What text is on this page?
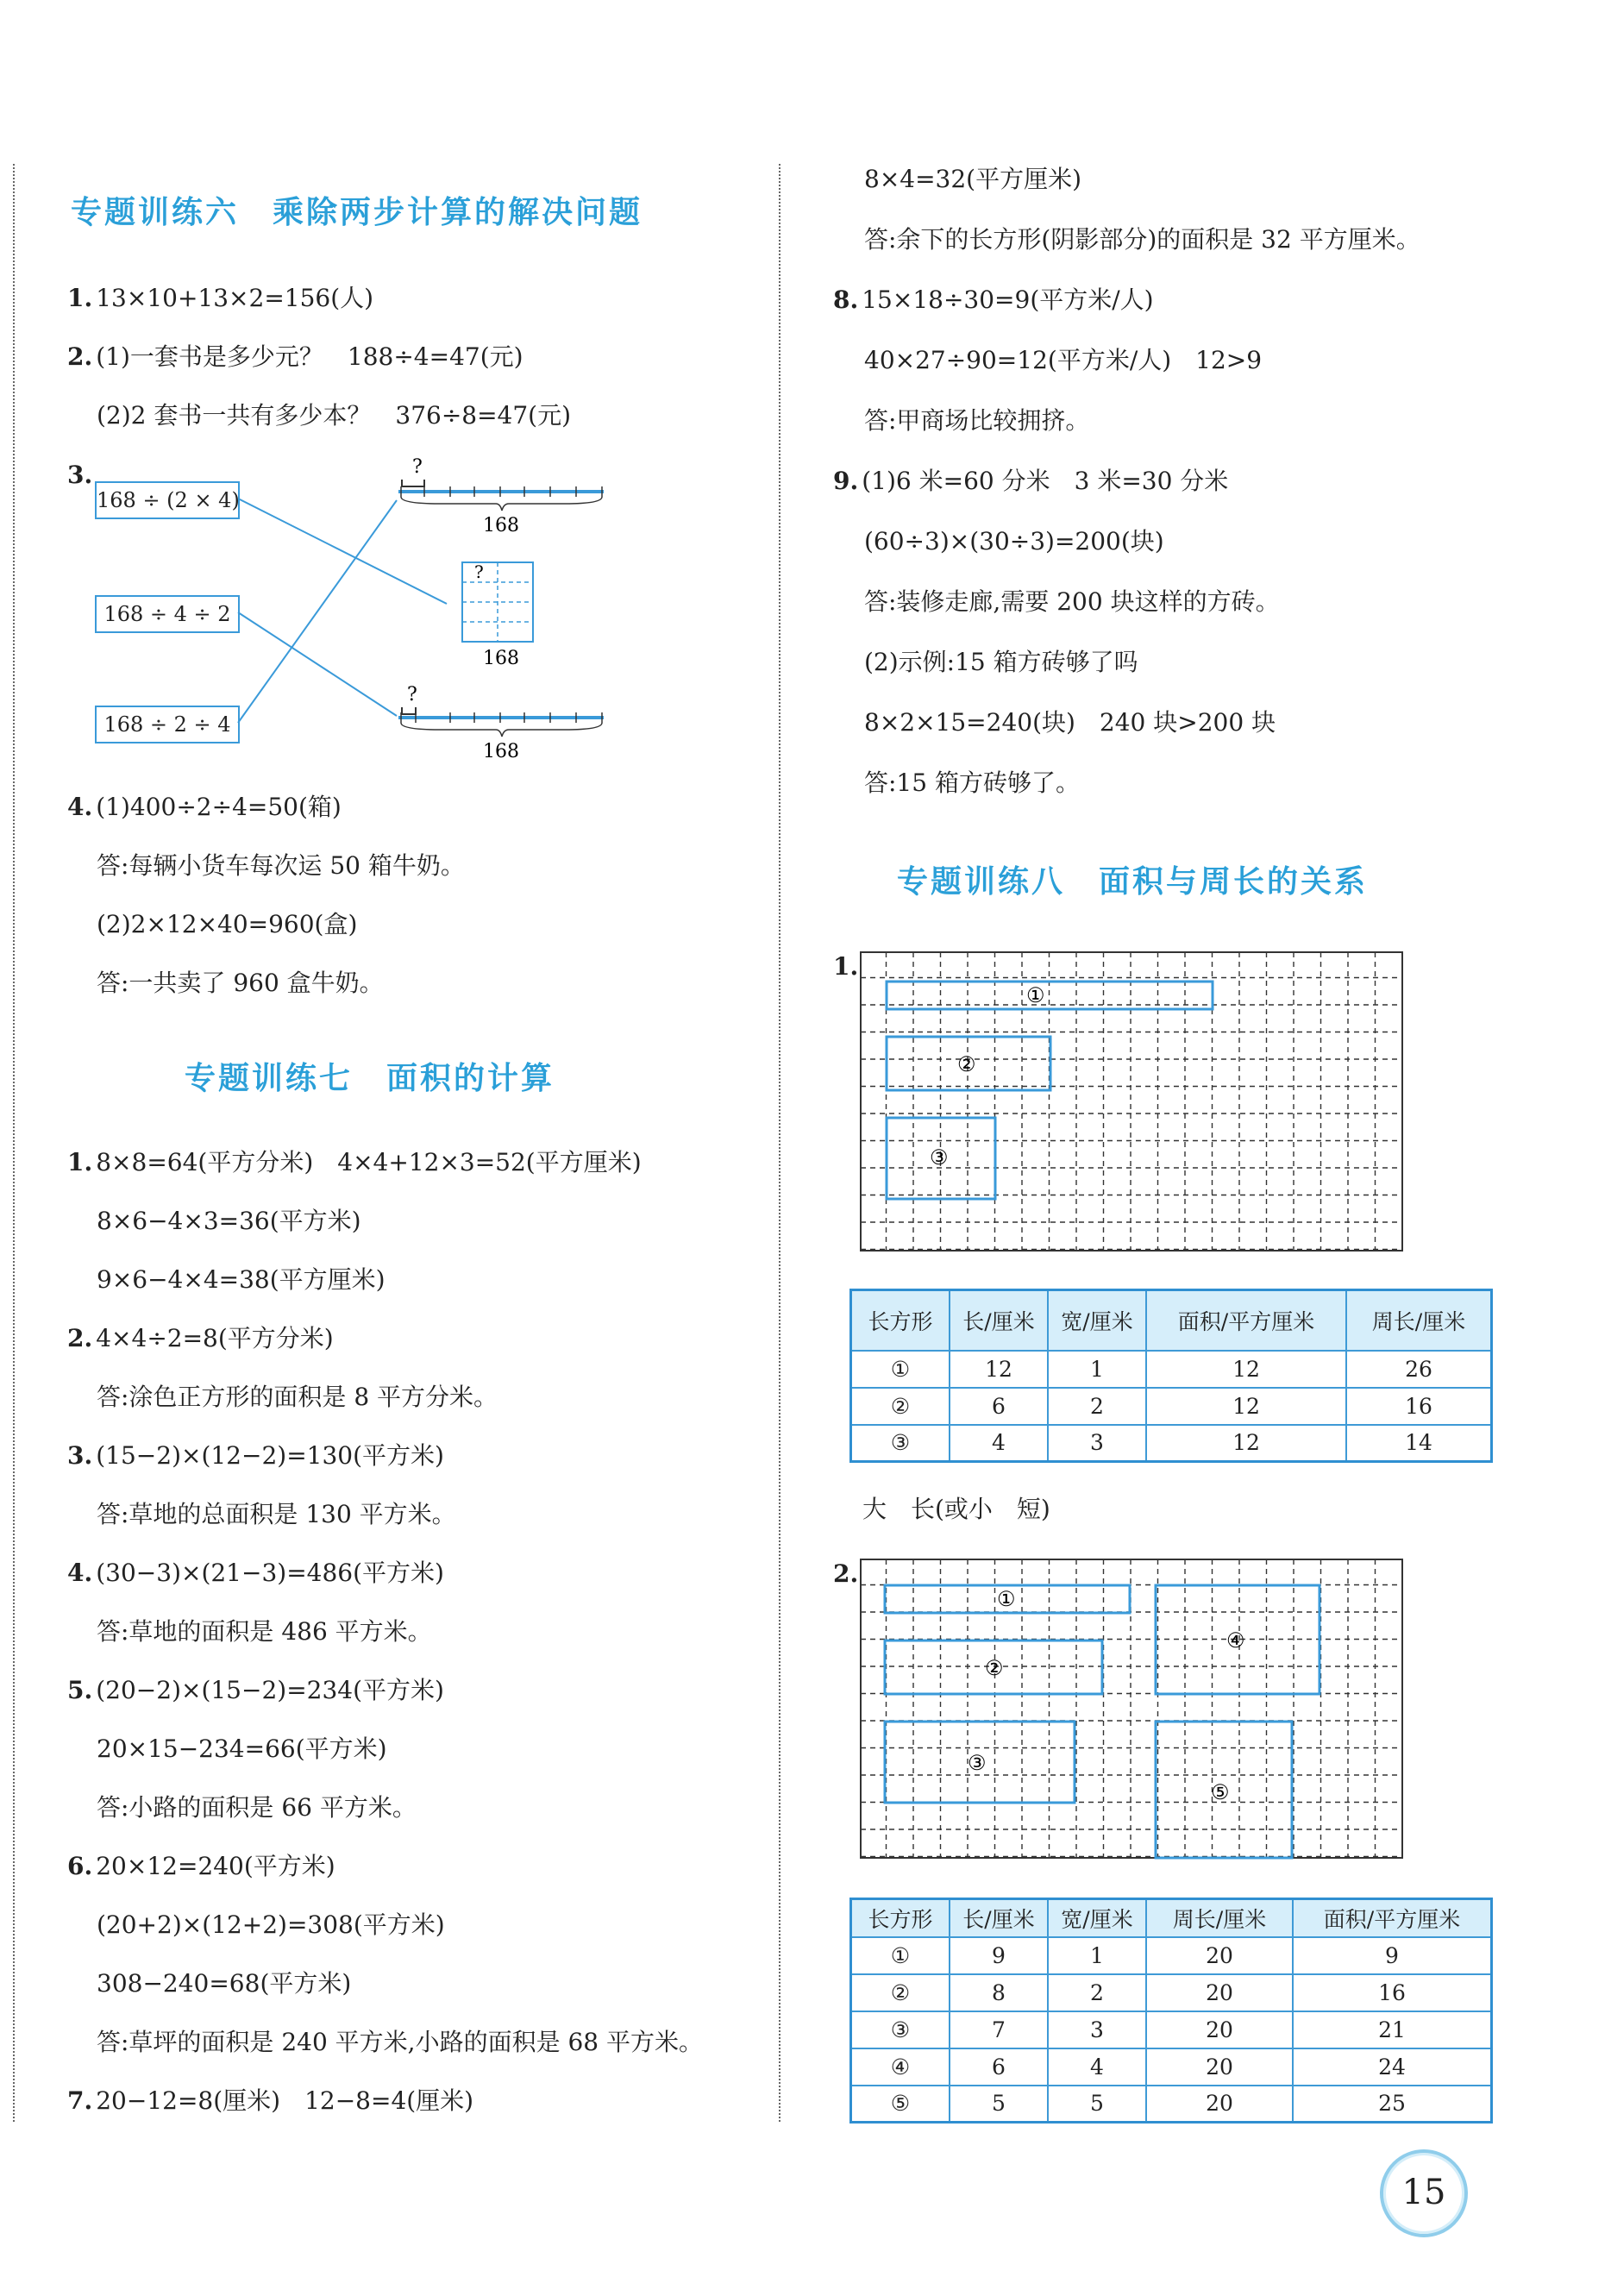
专题训练六　乘除两步计算的解决问题
1. 13×10+13×2=156(人)
2. (1)一套书是多少元？　188÷4=47(元)
(2)2 套书一共有多少本？　376÷8=47(元)
3.
168 ÷ (2 × 4)
168 ÷ 4 ÷ 2
168 ÷ 2 ÷ 4
?
168
?
168
?
168
4. (1)400÷2÷4=50(箱)
答:每辆小货车每次运 50 箱牛奶。
(2)2×12×40=960(盒)
答:一共卖了 960 盒牛奶。
专题训练七　面积的计算
1. 8×8=64(平方分米)　4×4+12×3=52(平方厘米)
8×6−4×3=36(平方米)
9×6−4×4=38(平方厘米)
2. 4×4÷2=8(平方分米)
答:涂色正方形的面积是 8 平方分米。
3. (15−2)×(12−2)=130(平方米)
答:草地的总面积是 130 平方米。
4. (30−3)×(21−3)=486(平方米)
答:草地的面积是 486 平方米。
5. (20−2)×(15−2)=234(平方米)
20×15−234=66(平方米)
答:小路的面积是 66 平方米。
6. 20×12=240(平方米)
(20+2)×(12+2)=308(平方米)
308−240=68(平方米)
答:草坪的面积是 240 平方米,小路的面积是 68 平方米。
7. 20−12=8(厘米)　12−8=4(厘米)
8×4=32(平方厘米)
答:余下的长方形(阴影部分)的面积是 32 平方厘米。
8. 15×18÷30=9(平方米/人)
40×27÷90=12(平方米/人)　12>9
答:甲商场比较拥挤。
9. (1)6 米=60 分米　3 米=30 分米
(60÷3)×(30÷3)=200(块)
答:装修走廊,需要 200 块这样的方砖。
(2)示例:15 箱方砖够了吗
8×2×15=240(块)　240 块>200 块
答:15 箱方砖够了。
专题训练八　面积与周长的关系
1.
①
②
③
长方形	长/厘米	宽/厘米	面积/平方厘米	周长/厘米
①	12	1	12	26
②	6	2	12	16
③	4	3	12	14
大　长(或小　短)
2.
①
②
③
④
⑤
长方形	长/厘米	宽/厘米	周长/厘米	面积/平方厘米
①	9	1	20	9
②	8	2	20	16
③	7	3	20	21
④	6	4	20	24
⑤	5	5	20	25
15
